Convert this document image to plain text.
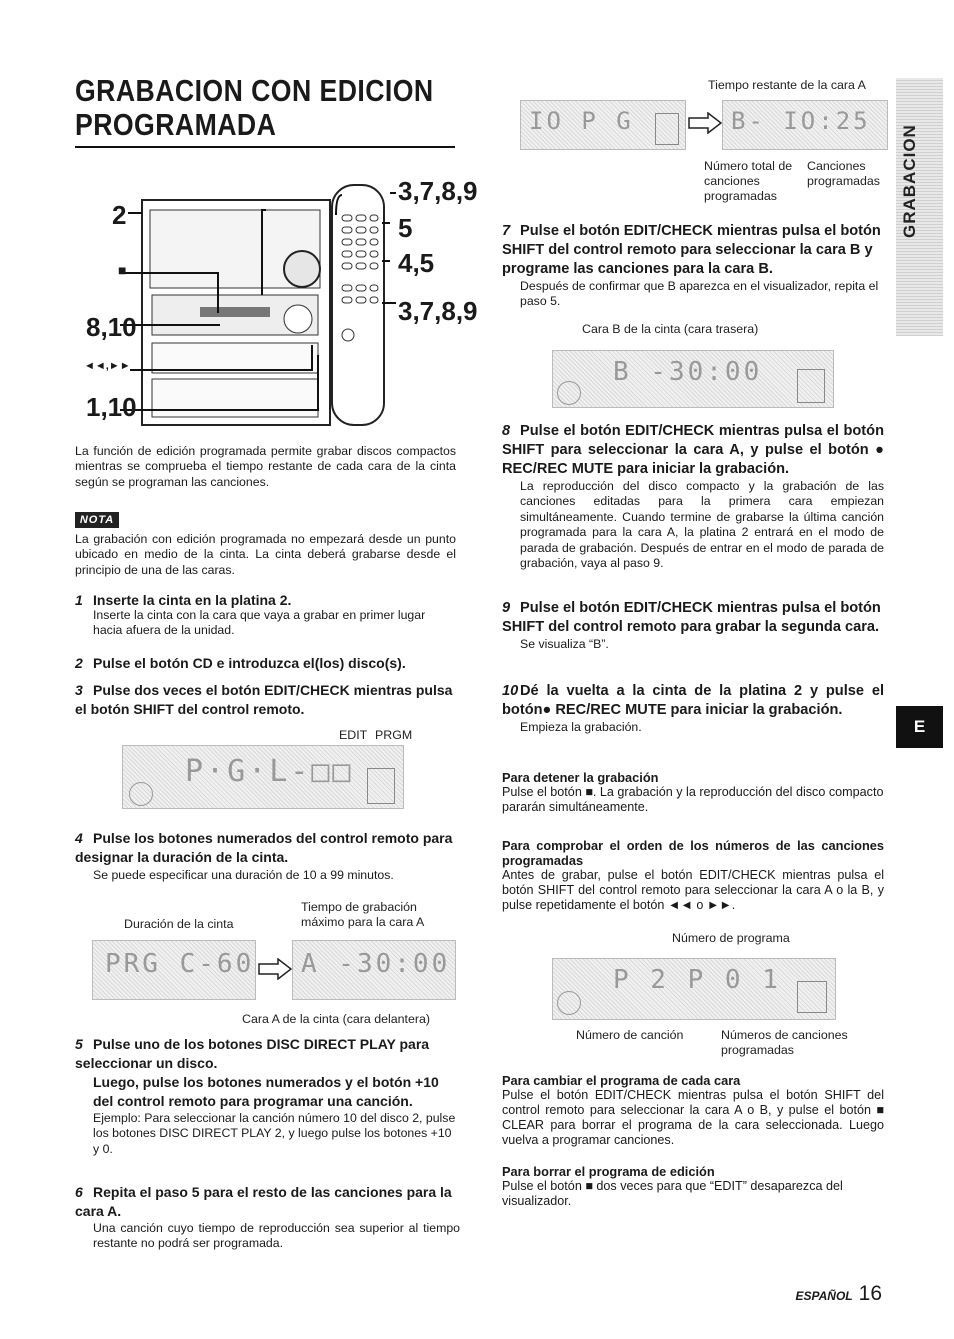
GRABACION CON EDICION
PROGRAMADA	GRABACION
E
2
■
8,10
◄◄,►►
1,10
3,7,8,9
5
4,5
3,7,8,9
La función de edición programada permite grabar discos compactos mientras se comprueba el tiempo restante de cada cara de la cinta según se programan las canciones.
NOTA
La grabación con edición programada no empezará desde un punto ubicado en medio de la cinta. La cinta deberá grabarse desde el principio de una de las caras.
1 Inserte la cinta en la platina 2.
Inserte la cinta con la cara que vaya a grabar en primer lugar hacia afuera de la unidad.
2 Pulse el botón CD e introduzca el(los) disco(s).
3 Pulse dos veces el botón EDIT/CHECK mientras pulsa el botón SHIFT del control remoto.
EDIT PRGM
P·G·L-□□
4 Pulse los botones numerados del control remoto para designar la duración de la cinta.
Se puede especificar una duración de 10 a 99 minutos.
Duración de la cinta
Tiempo de grabación máximo para la cara A
PRG C-60 A -30:00
Cara A de la cinta (cara delantera)
5 Pulse uno de los botones DISC DIRECT PLAY para seleccionar un disco.
Luego, pulse los botones numerados y el botón +10 del control remoto para programar una canción.
Ejemplo: Para seleccionar la canción número 10 del disco 2, pulse los botones DISC DIRECT PLAY 2, y luego pulse los botones +10 y 0.
6 Repita el paso 5 para el resto de las canciones para la cara A.
Una canción cuyo tiempo de reproducción sea superior al tiempo restante no podrá ser programada.
Tiempo restante de la cara A
IO P G	B- IO:25
Número total de canciones programadas
Canciones programadas
7 Pulse el botón EDIT/CHECK mientras pulsa el botón SHIFT del control remoto para seleccionar la cara B y programe las canciones para la cara B.
Después de confirmar que B aparezca en el visualizador, repita el paso 5.
Cara B de la cinta (cara trasera)
B -30:00
8 Pulse el botón EDIT/CHECK mientras pulsa el botón SHIFT para seleccionar la cara A, y pulse el botón ● REC/REC MUTE para iniciar la grabación.
La reproducción del disco compacto y la grabación de las canciones editadas para la primera cara empiezan simultáneamente. Cuando termine de grabarse la última canción programada para la cara A, la platina 2 entrará en el modo de parada de grabación. Después de entrar en el modo de parada de grabación, vaya al paso 9.
9 Pulse el botón EDIT/CHECK mientras pulsa el botón SHIFT del control remoto para grabar la segunda cara.
Se visualiza “B”.
10 Dé la vuelta a la cinta de la platina 2 y pulse el botón● REC/REC MUTE para iniciar la grabación.
Empieza la grabación.
Para detener la grabación
Pulse el botón ■. La grabación y la reproducción del disco compacto pararán simultáneamente.
Para comprobar el orden de los números de las canciones programadas
Antes de grabar, pulse el botón EDIT/CHECK mientras pulsa el botón SHIFT del control remoto para seleccionar la cara A o la B, y pulse repetidamente el botón ◄◄ o ►►.
Número de programa
P 2 P 0 1
Número de canción	Números de canciones programadas
Para cambiar el programa de cada cara
Pulse el botón EDIT/CHECK mientras pulsa el botón SHIFT del control remoto para seleccionar la cara A o B, y pulse el botón ■ CLEAR para borrar el programa de la cara seleccionada. Luego vuelva a programar canciones.
Para borrar el programa de edición
Pulse el botón ■ dos veces para que “EDIT” desaparezca del visualizador.
ESPAÑOL 16
